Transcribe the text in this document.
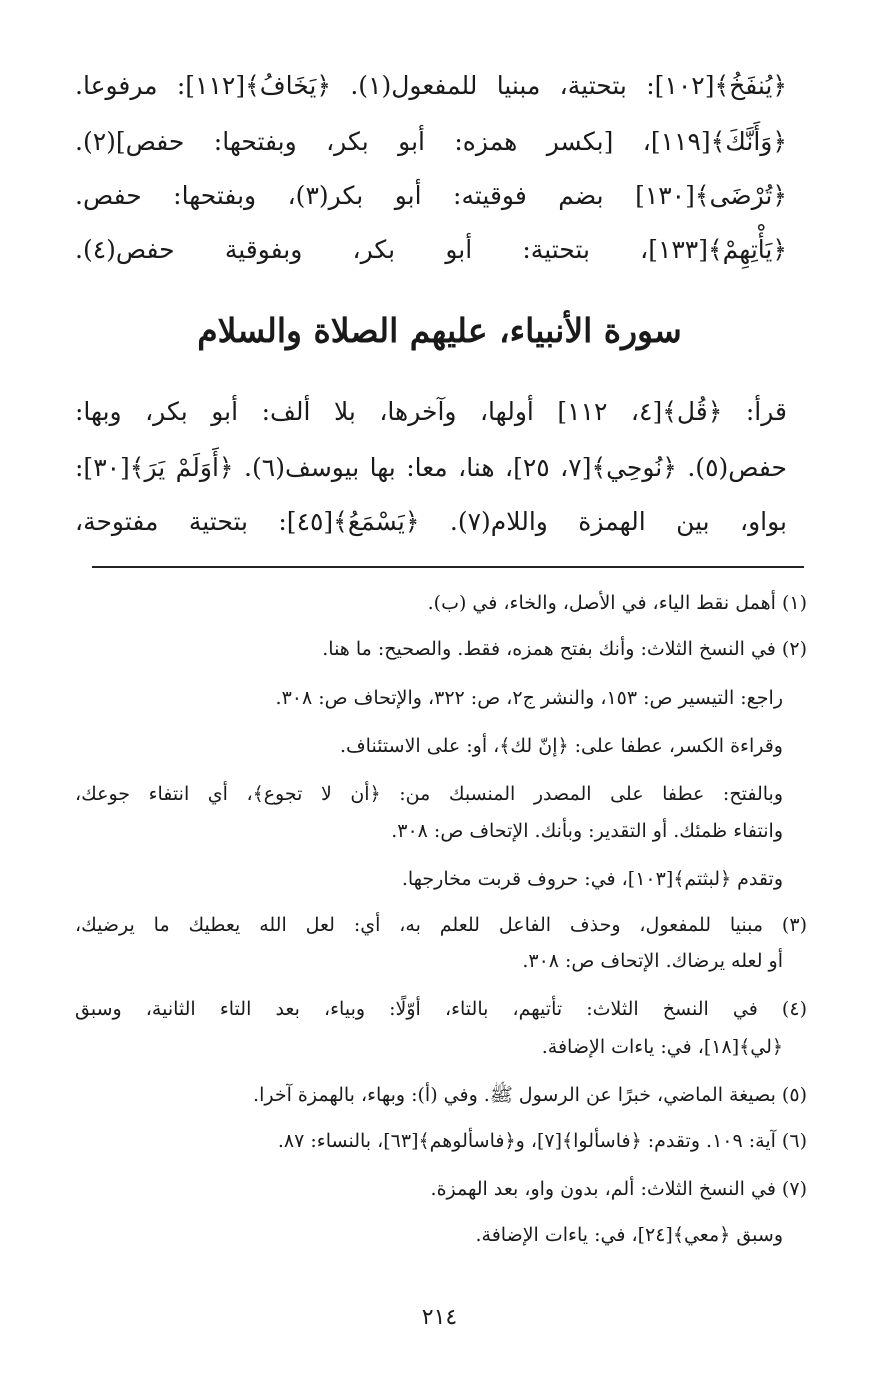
﴿يُنفَخُ﴾[١٠٢]: بتحتية، مبنيا للمفعول(١). ﴿يَخَافُ﴾[١١٢]: مرفوعا.
﴿وَأَنَّكَ﴾[١١٩]، [بكسر همزه: أبو بكر، وبفتحها: حفص](٢).
﴿تُرْضَى﴾[١٣٠] بضم فوقيته: أبو بكر(٣)، وبفتحها: حفص.
﴿يَأْتِهِمْ﴾[١٣٣]، بتحتية: أبو بكر، وبفوقية حفص(٤).
سورة الأنبياء، عليهم الصلاة والسلام
قرأ: ﴿قُل﴾[٤، ١١٢] أولها، وآخرها، بلا ألف: أبو بكر، وبها:
حفص(٥). ﴿نُوحِي﴾[٧، ٢٥]، هنا، معا: بها بيوسف(٦). ﴿أَوَلَمْ يَرَ﴾[٣٠]:
بواو، بين الهمزة واللام(٧). ﴿يَسْمَعُ﴾[٤٥]: بتحتية مفتوحة،
(١) أهمل نقط الياء، في الأصل، والخاء، في (ب).
(٢) في النسخ الثلاث: وأنك بفتح همزه، فقط. والصحيح: ما هنا.
راجع: التيسير ص: ١٥٣، والنشر ج٢، ص: ٣٢٢، والإتحاف ص: ٣٠٨.
وقراءة الكسر، عطفا على: ﴿إنّ لك﴾، أو: على الاستئناف.
وبالفتح: عطفا على المصدر المنسبك من: ﴿أن لا تجوع﴾، أي انتفاء جوعك،
وانتفاء ظمئك. أو التقدير: وبأنك. الإتحاف ص: ٣٠٨.
وتقدم ﴿لبثتم﴾[١٠٣]، في: حروف قربت مخارجها.
(٣) مبنيا للمفعول، وحذف الفاعل للعلم به، أي: لعل الله يعطيك ما يرضيك،
أو لعله يرضاك. الإتحاف ص: ٣٠٨.
(٤) في النسخ الثلاث: تأتيهم، بالتاء، أوّلًا: وبياء، بعد التاء الثانية، وسبق
﴿لي﴾[١٨]، في: ياءات الإضافة.
(٥) بصيغة الماضي، خبرًا عن الرسول ﷺ. وفي (أ): وبهاء، بالهمزة آخرا.
(٦) آية: ١٠٩. وتقدم: ﴿فاسألوا﴾[٧]، و﴿فاسألوهم﴾[٦٣]، بالنساء: ٨٧.
(٧) في النسخ الثلاث: ألم، بدون واو، بعد الهمزة.
وسبق ﴿معي﴾[٢٤]، في: ياءات الإضافة.
٢١٤
